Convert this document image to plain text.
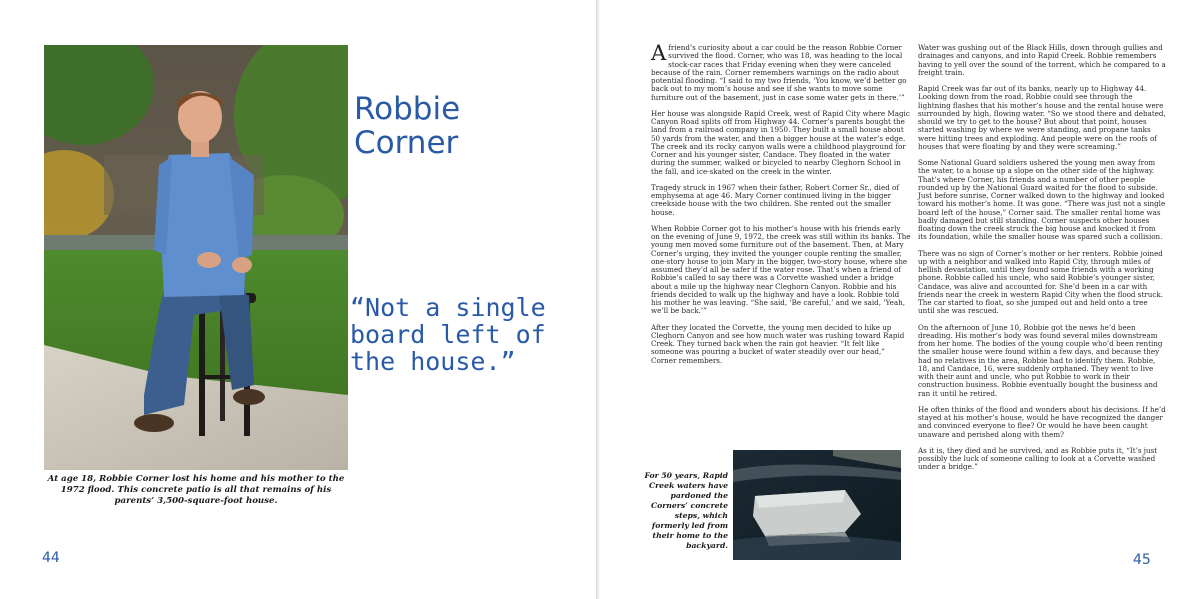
At age 18, Robbie Corner lost his home and his mother to the 1972 flood. This concrete patio is all that remains of his parents’ 3,500-square-foot house.
Robbie
Corner

“Not a single board left of the house.”

44

A friend’s curiosity about a car could be the reason Robbie Corner survived the flood. Corner, who was 18, was heading to the local stock-car races that Friday evening when they were canceled because of the rain. Corner remembers warnings on the radio about potential flooding. “I said to my two friends, ‘You know, we’d better go back out to my mom’s house and see if she wants to move some furniture out of the basement, just in case some water gets in there.’”

Her house was alongside Rapid Creek, west of Rapid City where Magic Canyon Road splits off from Highway 44. Corner’s parents bought the land from a railroad company in 1950. They built a small house about 50 yards from the water, and then a bigger house at the water’s edge. The creek and its rocky canyon walls were a childhood playground for Corner and his younger sister, Candace. They floated in the water during the summer, walked or bicycled to nearby Cleghorn School in the fall, and ice-skated on the creek in the winter.

Tragedy struck in 1967 when their father, Robert Corner Sr., died of emphysema at age 46. Mary Corner continued living in the bigger creekside house with the two children. She rented out the smaller house.

When Robbie Corner got to his mother’s house with his friends early on the evening of June 9, 1972, the creek was still within its banks. The young men moved some furniture out of the basement. Then, at Mary Corner’s urging, they invited the younger couple renting the smaller, one-story house to join Mary in the bigger, two-story house, where she assumed they’d all be safer if the water rose. That’s when a friend of Robbie’s called to say there was a Corvette washed under a bridge about a mile up the highway near Cleghorn Canyon. Robbie and his friends decided to walk up the highway and have a look. Robbie told his mother he was leaving. “She said, ‘Be careful,’ and we said, ‘Yeah, we’ll be back.’”

After they located the Corvette, the young men decided to hike up Cleghorn Canyon and see how much water was rushing toward Rapid Creek. They turned back when the rain got heavier. “It felt like someone was pouring a bucket of water steadily over our head,” Corner remembers.

Water was gushing out of the Black Hills, down through gullies and drainages and canyons, and into Rapid Creek. Robbie remembers having to yell over the sound of the torrent, which he compared to a freight train.

Rapid Creek was far out of its banks, nearly up to Highway 44. Looking down from the road, Robbie could see through the lightning flashes that his mother’s house and the rental house were surrounded by high, flowing water. “So we stood there and debated, should we try to get to the house? But about that point, houses started washing by where we were standing, and propane tanks were hitting trees and exploding. And people were on the roofs of houses that were floating by and they were screaming.”

Some National Guard soldiers ushered the young men away from the water, to a house up a slope on the other side of the highway. That’s where Corner, his friends and a number of other people rounded up by the National Guard waited for the flood to subside. Just before sunrise, Corner walked down to the highway and looked toward his mother’s home. It was gone. “There was just not a single board left of the house,” Corner said. The smaller rental home was badly damaged but still standing. Corner suspects other houses floating down the creek struck the big house and knocked it from its foundation, while the smaller house was spared such a collision.

There was no sign of Corner’s mother or her renters. Robbie joined up with a neighbor and walked into Rapid City, through miles of hellish devastation, until they found some friends with a working phone. Robbie called his uncle, who said Robbie’s younger sister, Candace, was alive and accounted for. She’d been in a car with friends near the creek in western Rapid City when the flood struck. The car started to float, so she jumped out and held onto a tree until she was rescued.

On the afternoon of June 10, Robbie got the news he’d been dreading. His mother’s body was found several miles downstream from her home. The bodies of the young couple who’d been renting the smaller house were found within a few days, and because they had no relatives in the area, Robbie had to identify them. Robbie, 18, and Candace, 16, were suddenly orphaned. They went to live with their aunt and uncle, who put Robbie to work in their construction business. Robbie eventually bought the business and ran it until he retired.

He often thinks of the flood and wonders about his decisions. If he’d stayed at his mother’s house, would he have recognized the danger and convinced everyone to flee? Or would he have been caught unaware and perished along with them?

As it is, they died and he survived, and as Robbie puts it, “It’s just possibly the luck of someone calling to look at a Corvette washed under a bridge.”

For 50 years, Rapid Creek waters have pardoned the Corners’ concrete steps, which formerly led from their home to the backyard.
45
